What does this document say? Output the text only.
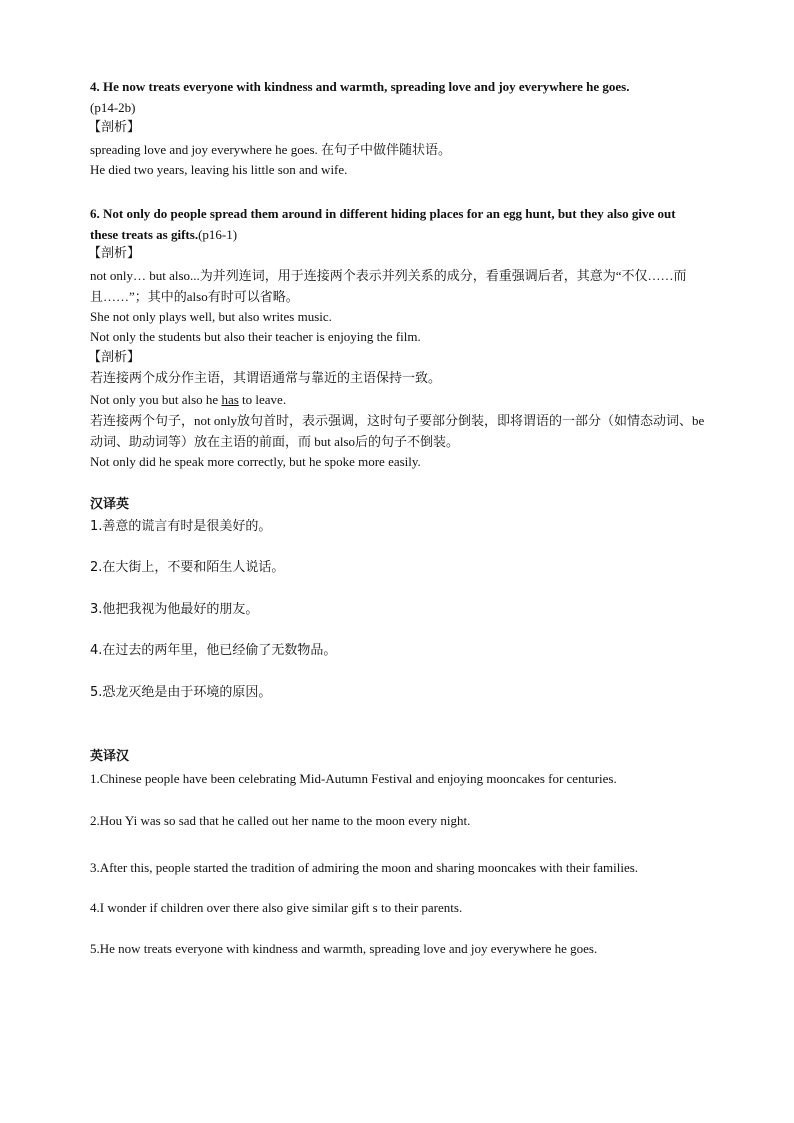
4. He now treats everyone with kindness and warmth, spreading love and joy everywhere he goes.
(p14-2b)
【剖析】
spreading love and joy everywhere he goes. 在句子中做伴随状语。
He died two years, leaving his little son and wife.
6. Not only do people spread them around in different hiding places for an egg hunt, but they also give out these treats as gifts.(p16-1)
【剖析】
not only… but also...为并列连词，用于连接两个表示并列关系的成分，看重强调后者，其意为“不仅……而且……”；其中的also有时可以省略。
She not only plays well, but also writes music.
Not only the students but also their teacher is enjoying the film.
【剖析】
若连接两个成分作主语，其谓语通常与靠近的主语保持一致。
Not only you but also he has to leave.
若连接两个句子，not only放句首时，表示强调，这时句子要部分倒装，即将谓语的一部分（如情态动词、be动词、助动词等）放在主语的前面，而 but also后的句子不倒装。
Not only did he speak more correctly, but he spoke more easily.
汉译英
1.善意的谎言有时是很美好的。
2.在大街上，不要和陌生人说话。
3.他把我视为他最好的朋友。
4.在过去的两年里，他已经偷了无数物品。
5.恐龙灭绝是由于环境的原因。
英译汉
1.Chinese people have been celebrating Mid-Autumn Festival and enjoying mooncakes for centuries.
2.Hou Yi was so sad that he called out her name to the moon every night.
3.After this, people started the tradition of admiring the moon and sharing mooncakes with their families.
4.I wonder if children over there also give similar gift s to their parents.
5.He now treats everyone with kindness and warmth, spreading love and joy everywhere he goes.
